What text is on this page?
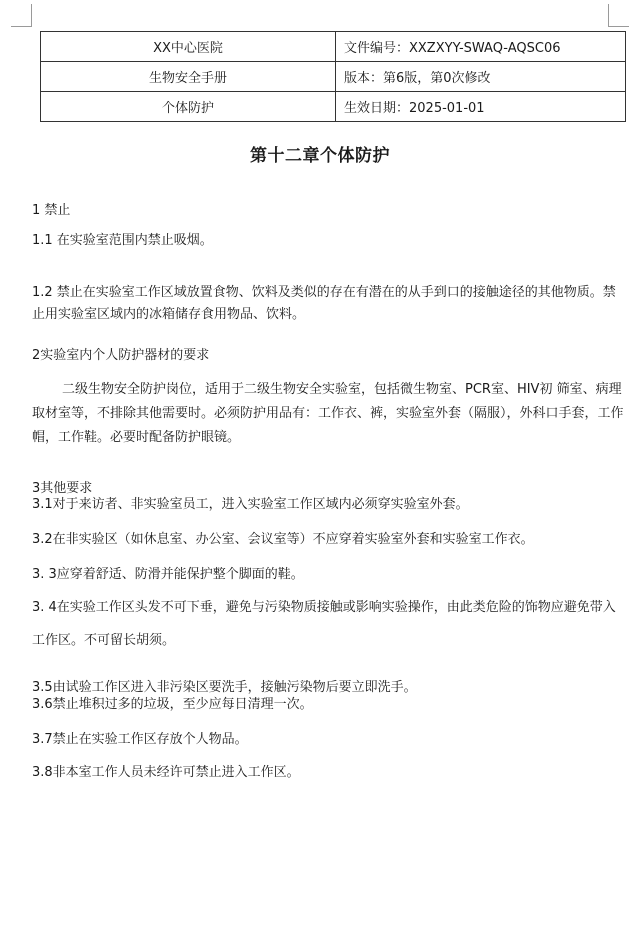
XX中心医院	文件编号：XXZXYY-SWAQ-AQSC06
生物安全手册	版本：第6版，第0次修改
个体防护	生效日期：2025-01-01
第十二章个体防护

1 禁止

1.1 在实验室范围内禁止吸烟。

1.2 禁止在实验室工作区域放置食物、饮料及类似的存在有潜在的从手到口的接触途径的其他物质。禁止用实验室区域内的冰箱储存食用物品、饮料。

2实验室内个人防护器材的要求

二级生物安全防护岗位，适用于二级生物安全实验室，包括微生物室、PCR室、HIV初 筛室、病理取材室等，不排除其他需要时。必须防护用品有：工作衣、裤，实验室外套（隔服），外科口手套，工作帽，工作鞋。必要时配备防护眼镜。

3其他要求

3.1对于来访者、非实验室员工，进入实验室工作区域内必须穿实验室外套。

3.2在非实验区（如休息室、办公室、会议室等）不应穿着实验室外套和实验室工作衣。

3. 3应穿着舒适、防滑并能保护整个脚面的鞋。

3. 4在实验工作区头发不可下垂，避免与污染物质接触或影响实验操作，由此类危险的饰物应避免带入工作区。不可留长胡须。

3.5由试验工作区进入非污染区要洗手，接触污染物后要立即洗手。

3.6禁止堆积过多的垃圾，至少应每日清理一次。

3.7禁止在实验工作区存放个人物品。

3.8非本室工作人员未经许可禁止进入工作区。
